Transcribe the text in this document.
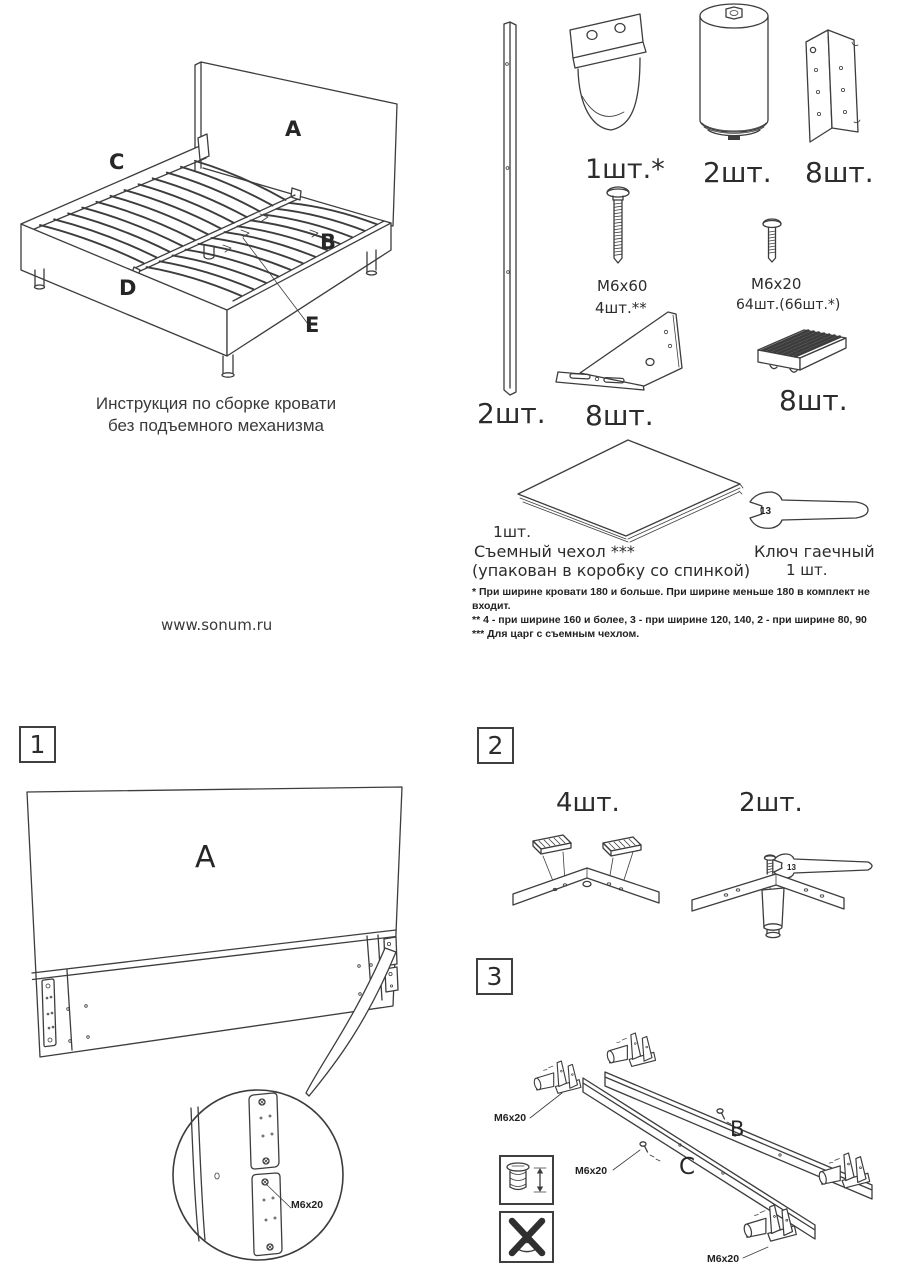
A
B
C
D
E
Инструкция по сборке кровати
без подъемного механизма
www.sonum.ru
2шт.
1шт.* 2шт. 8шт.
M6x60
4шт.**
M6x20
64шт.(66шт.*)
8шт.	8шт.
1шт.
Съемный чехол ***
(упакован в коробку со спинкой)
13
Ключ гаечный
1 шт.
* При ширине кровати 180 и больше. При ширине меньше 180 в комплект не входит.
** 4 - при ширине 160 и более, 3 - при ширине 120, 140, 2 - при ширине 80, 90
*** Для царг с съемным чехлом.
1
A
M6x20
2
4шт.	2шт.
13
3
B
C
M6x20
M6x20
M6x20
